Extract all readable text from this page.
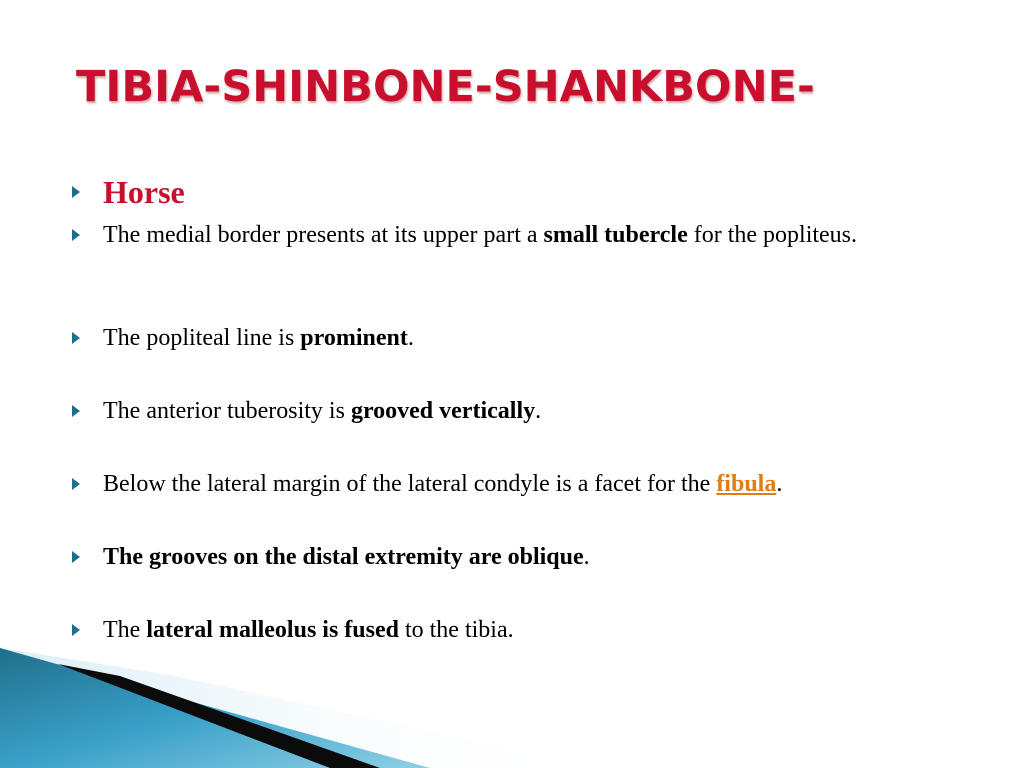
TIBIA-SHINBONE-SHANKBONE-
Horse
The medial border presents at its upper part a small tubercle for the popliteus.
The popliteal line is prominent.
The anterior tuberosity is grooved vertically.
Below the lateral margin of the lateral condyle is a facet for the fibula.
The grooves on the distal extremity are oblique.
The lateral malleolus is fused to the tibia.
